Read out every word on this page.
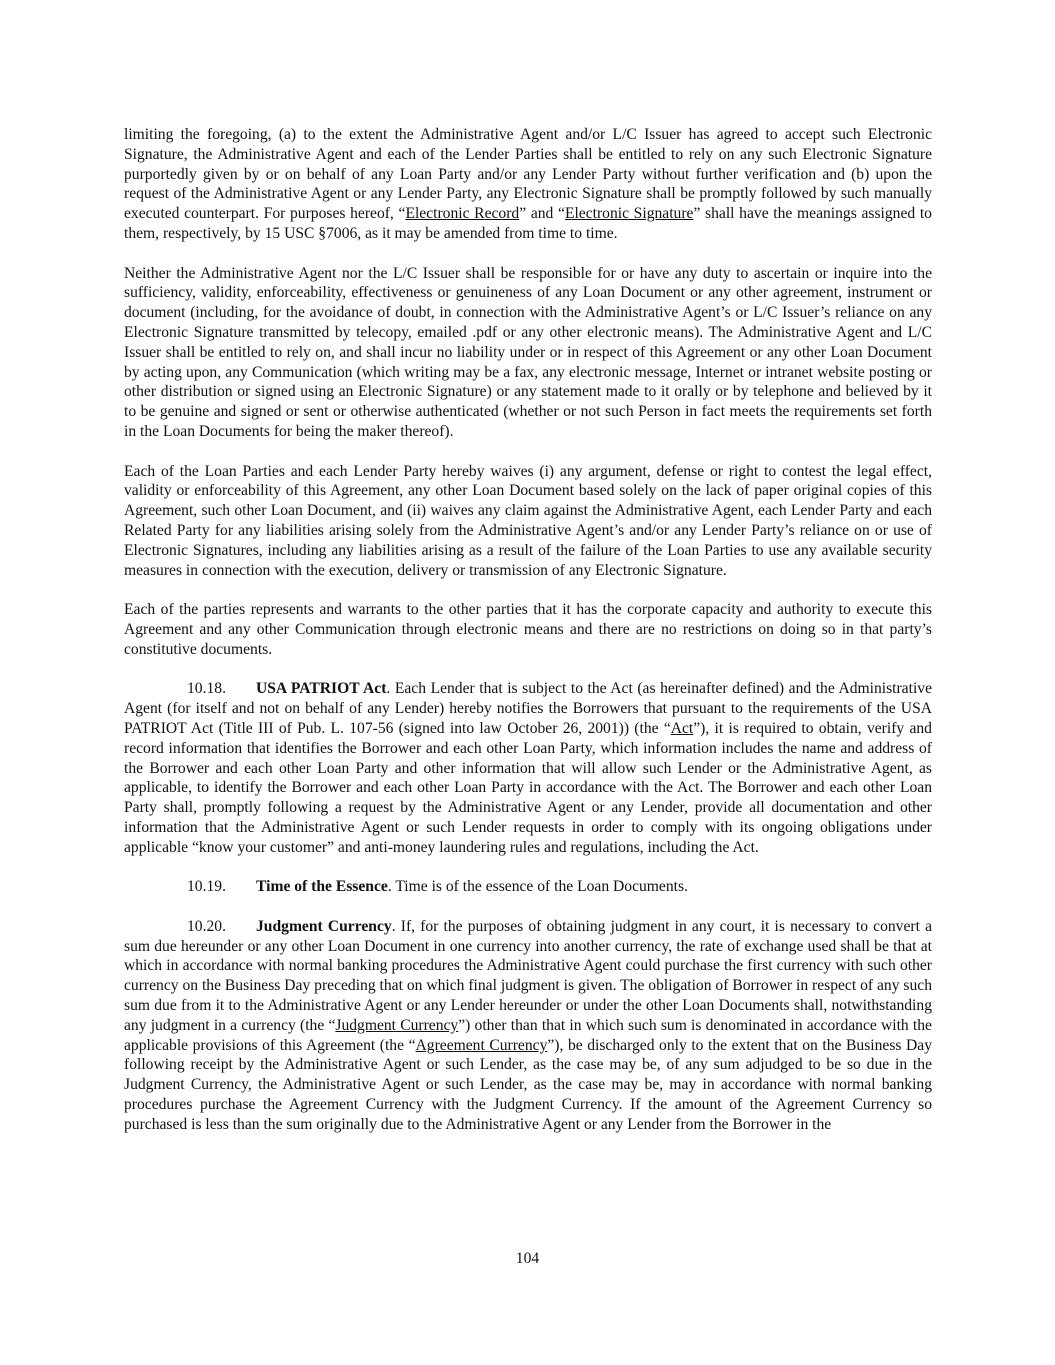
limiting the foregoing, (a) to the extent the Administrative Agent and/or L/C Issuer has agreed to accept such Electronic Signature, the Administrative Agent and each of the Lender Parties shall be entitled to rely on any such Electronic Signature purportedly given by or on behalf of any Loan Party and/or any Lender Party without further verification and (b) upon the request of the Administrative Agent or any Lender Party, any Electronic Signature shall be promptly followed by such manually executed counterpart. For purposes hereof, “Electronic Record” and “Electronic Signature” shall have the meanings assigned to them, respectively, by 15 USC §7006, as it may be amended from time to time.

Neither the Administrative Agent nor the L/C Issuer shall be responsible for or have any duty to ascertain or inquire into the sufficiency, validity, enforceability, effectiveness or genuineness of any Loan Document or any other agreement, instrument or document (including, for the avoidance of doubt, in connection with the Administrative Agent’s or L/C Issuer’s reliance on any Electronic Signature transmitted by telecopy, emailed .pdf or any other electronic means). The Administrative Agent and L/C Issuer shall be entitled to rely on, and shall incur no liability under or in respect of this Agreement or any other Loan Document by acting upon, any Communication (which writing may be a fax, any electronic message, Internet or intranet website posting or other distribution or signed using an Electronic Signature) or any statement made to it orally or by telephone and believed by it to be genuine and signed or sent or otherwise authenticated (whether or not such Person in fact meets the requirements set forth in the Loan Documents for being the maker thereof).

Each of the Loan Parties and each Lender Party hereby waives (i) any argument, defense or right to contest the legal effect, validity or enforceability of this Agreement, any other Loan Document based solely on the lack of paper original copies of this Agreement, such other Loan Document, and (ii) waives any claim against the Administrative Agent, each Lender Party and each Related Party for any liabilities arising solely from the Administrative Agent’s and/or any Lender Party’s reliance on or use of Electronic Signatures, including any liabilities arising as a result of the failure of the Loan Parties to use any available security measures in connection with the execution, delivery or transmission of any Electronic Signature.

Each of the parties represents and warrants to the other parties that it has the corporate capacity and authority to execute this Agreement and any other Communication through electronic means and there are no restrictions on doing so in that party’s constitutive documents.

10.18. USA PATRIOT Act. Each Lender that is subject to the Act (as hereinafter defined) and the Administrative Agent (for itself and not on behalf of any Lender) hereby notifies the Borrowers that pursuant to the requirements of the USA PATRIOT Act (Title III of Pub. L. 107-56 (signed into law October 26, 2001)) (the “Act”), it is required to obtain, verify and record information that identifies the Borrower and each other Loan Party, which information includes the name and address of the Borrower and each other Loan Party and other information that will allow such Lender or the Administrative Agent, as applicable, to identify the Borrower and each other Loan Party in accordance with the Act. The Borrower and each other Loan Party shall, promptly following a request by the Administrative Agent or any Lender, provide all documentation and other information that the Administrative Agent or such Lender requests in order to comply with its ongoing obligations under applicable “know your customer” and anti-money laundering rules and regulations, including the Act.

10.19. Time of the Essence. Time is of the essence of the Loan Documents.

10.20. Judgment Currency. If, for the purposes of obtaining judgment in any court, it is necessary to convert a sum due hereunder or any other Loan Document in one currency into another currency, the rate of exchange used shall be that at which in accordance with normal banking procedures the Administrative Agent could purchase the first currency with such other currency on the Business Day preceding that on which final judgment is given. The obligation of Borrower in respect of any such sum due from it to the Administrative Agent or any Lender hereunder or under the other Loan Documents shall, notwithstanding any judgment in a currency (the “Judgment Currency”) other than that in which such sum is denominated in accordance with the applicable provisions of this Agreement (the “Agreement Currency”), be discharged only to the extent that on the Business Day following receipt by the Administrative Agent or such Lender, as the case may be, of any sum adjudged to be so due in the Judgment Currency, the Administrative Agent or such Lender, as the case may be, may in accordance with normal banking procedures purchase the Agreement Currency with the Judgment Currency. If the amount of the Agreement Currency so purchased is less than the sum originally due to the Administrative Agent or any Lender from the Borrower in the

104
